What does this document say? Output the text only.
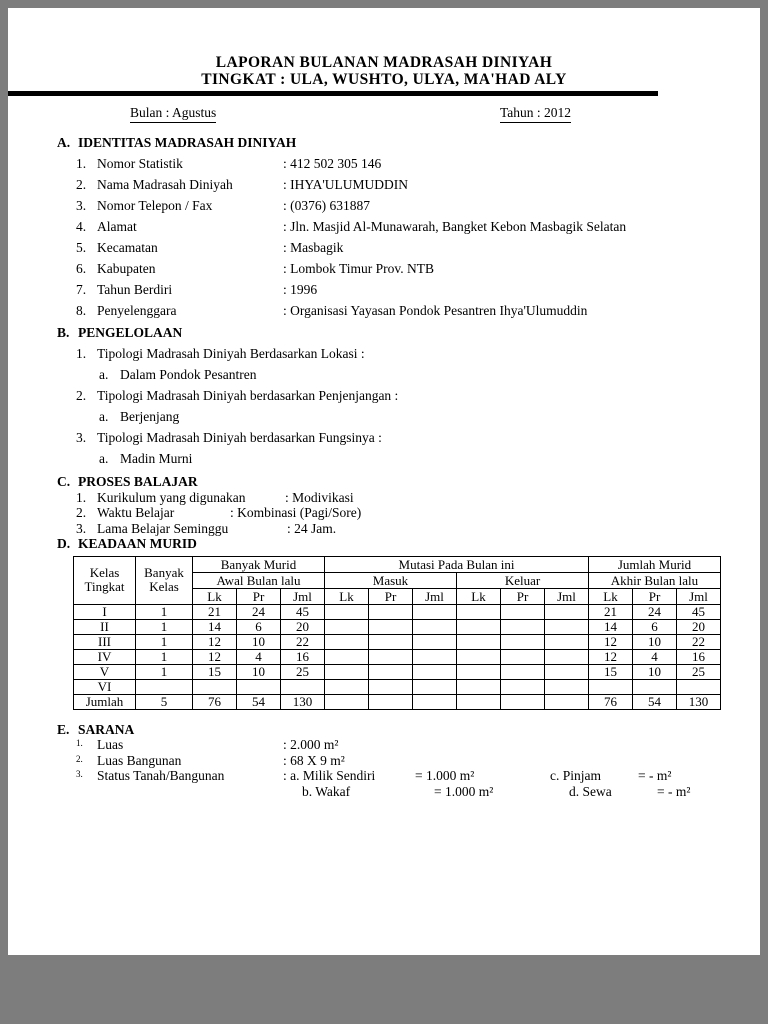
LAPORAN BULANAN MADRASAH DINIYAH
TINGKAT : ULA, WUSHTO, ULYA, MA'HAD ALY
Bulan : Agustus	Tahun : 2012
A. IDENTITAS MADRASAH DINIYAH
1. Nomor Statistik	: 412 502 305 146
2. Nama Madrasah Diniyah	: IHYA'ULUMUDDIN
3. Nomor Telepon / Fax	: (0376) 631887
4. Alamat	: Jln. Masjid Al-Munawarah, Bangket Kebon Masbagik Selatan
5. Kecamatan	: Masbagik
6. Kabupaten	: Lombok Timur Prov. NTB
7. Tahun Berdiri	: 1996
8. Penyelenggara	: Organisasi Yayasan Pondok Pesantren Ihya'Ulumuddin
B. PENGELOLAAN
1. Tipologi Madrasah Diniyah Berdasarkan Lokasi :
a. Dalam Pondok Pesantren
2. Tipologi Madrasah Diniyah berdasarkan Penjenjangan :
a. Berjenjang
3. Tipologi Madrasah Diniyah berdasarkan Fungsinya :
a. Madin Murni
C. PROSES BALAJAR
1. Kurikulum yang digunakan	: Modivikasi
2. Waktu Belajar	: Kombinasi (Pagi/Sore)
3. Lama Belajar Seminggu	: 24 Jam.
D. KEADAAN MURID
Kelas Tingkat	Banyak Kelas	Banyak Murid			Mutasi Pada Bulan ini						Jumlah Murid		
		Awal Bulan lalu			Masuk			Keluar			Akhir Bulan lalu		
		Lk	Pr	Jml	Lk	Pr	Jml	Lk	Pr	Jml	Lk	Pr	Jml
I	1	21	24	45							21	24	45
II	1	14	6	20							14	6	20
III	1	12	10	22							12	10	22
IV	1	12	4	16							12	4	16
V	1	15	10	25							15	10	25
VI													
Jumlah	5	76	54	130							76	54	130
E. SARANA
1.	Luas	: 2.000 m²
2.	Luas Bangunan	: 68 X 9 m²
3.	Status Tanah/Bangunan	: a. Milik Sendiri	= 1.000 m²	c. Pinjam	= - m²
b. Wakaf	= 1.000 m²	d. Sewa	= - m²
